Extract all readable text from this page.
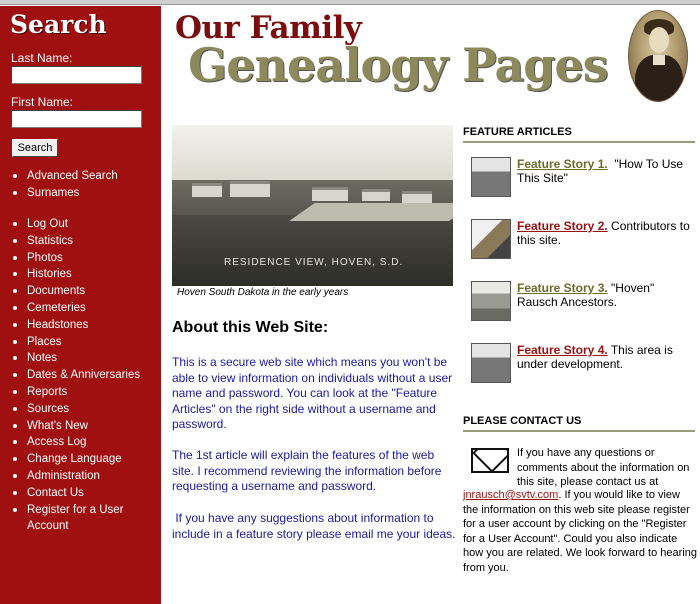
Search
Last Name:
First Name:
Search
Advanced Search
Surnames
Log Out
Statistics
Photos
Histories
Documents
Cemeteries
Headstones
Places
Notes
Dates & Anniversaries
Reports
Sources
What's New
Access Log
Change Language
Administration
Contact Us
Register for a User Account
Our Family
Genealogy Pages
RESIDENCE VIEW, HOVEN, S.D.
Hoven South Dakota in the early years
About this Web Site:
This is a secure web site which means you won't be able to view information on individuals without a user name and password. You can look at the "Feature Articles" on the right side without a username and password.
The 1st article will explain the features of the web site. I recommend reviewing the information before requesting a username and password.
If you have any suggestions about information to include in a feature story please email me your ideas.
FEATURE ARTICLES
Feature Story 1.  "How To Use This Site"
Feature Story 2. Contributors to this site.
Feature Story 3. "Hoven" Rausch Ancestors.
Feature Story 4. This area is under development.
PLEASE CONTACT US
If you have any questions or comments about the information on this site, please contact us at
jnrausch@svtv.com. If you would like to view the information on this web site please register for a user account by clicking on the "Register for a User Account". Could you also indicate how you are related. We look forward to hearing from you.
